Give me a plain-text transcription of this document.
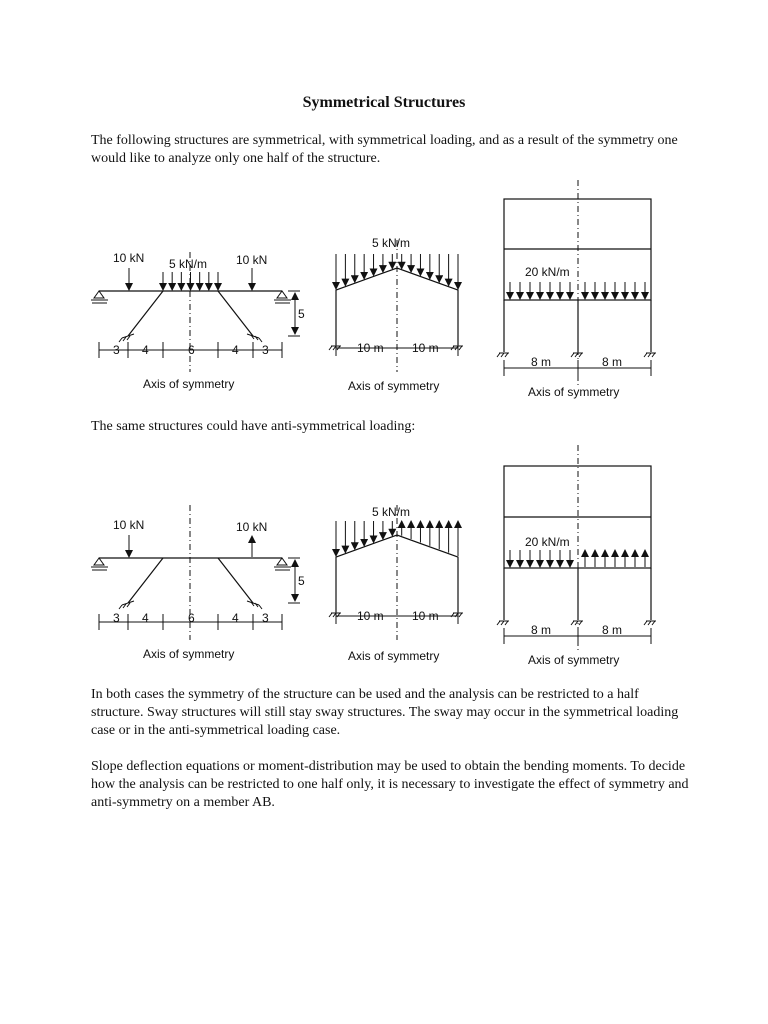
Symmetrical Structures

The following structures are symmetrical, with symmetrical loading, and as a result of the symmetry one would like to analyze only one half of the structure.

The same structures could have anti-symmetrical loading:

In both cases the symmetry of the structure can be used and the analysis can be restricted to a half structure. Sway structures will still stay sway structures. The sway may occur in the symmetrical loading case or in the anti-symmetrical loading case.

Slope deflection equations or moment-distribution may be used to obtain the bending moments. To decide how the analysis can be restricted to one half only, it is necessary to investigate the effect of symmetry and anti-symmetry on a member AB.

10 kN	10 kN
5 kN/m
5
3 4	6	4 3
Axis of symmetry
5 kN/m
10 m 10 m
Axis of symmetry
20 kN/m
8 m	8 m
Axis of symmetry
10 kN	10 kN
5
3 4	6	4 3
Axis of symmetry
5 kN/m
10 m 10 m
Axis of symmetry
20 kN/m
8 m	8 m
Axis of symmetry
